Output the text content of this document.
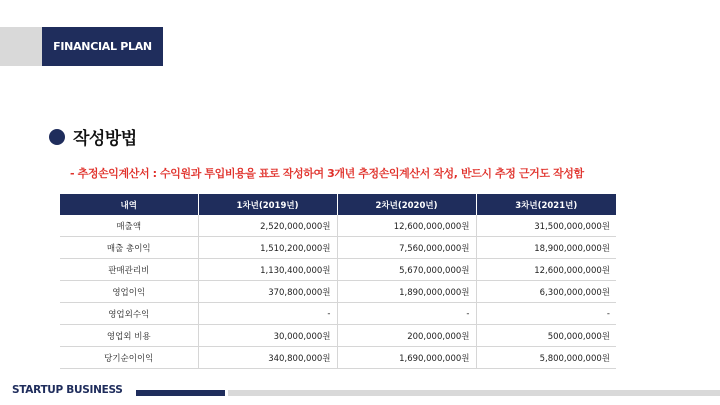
FINANCIAL PLAN
작성방법
- 추정손익계산서 : 수익원과 투입비용을 표로 작성하여 3개년 추정손익계산서 작성, 반드시 추정 근거도 작성함
내역	1차년(2019년)	2차년(2020년)	3차년(2021년)
매출액	2,520,000,000원	12,600,000,000원	31,500,000,000원
매출 총이익	1,510,200,000원	7,560,000,000원	18,900,000,000원
판매관리비	1,130,400,000원	5,670,000,000원	12,600,000,000원
영업이익	370,800,000원	1,890,000,000원	6,300,000,000원
영업외수익	-	-	-
영업외 비용	30,000,000원	200,000,000원	500,000,000원
당기순이이익	340,800,000원	1,690,000,000원	5,800,000,000원
STARTUP BUSINESS
